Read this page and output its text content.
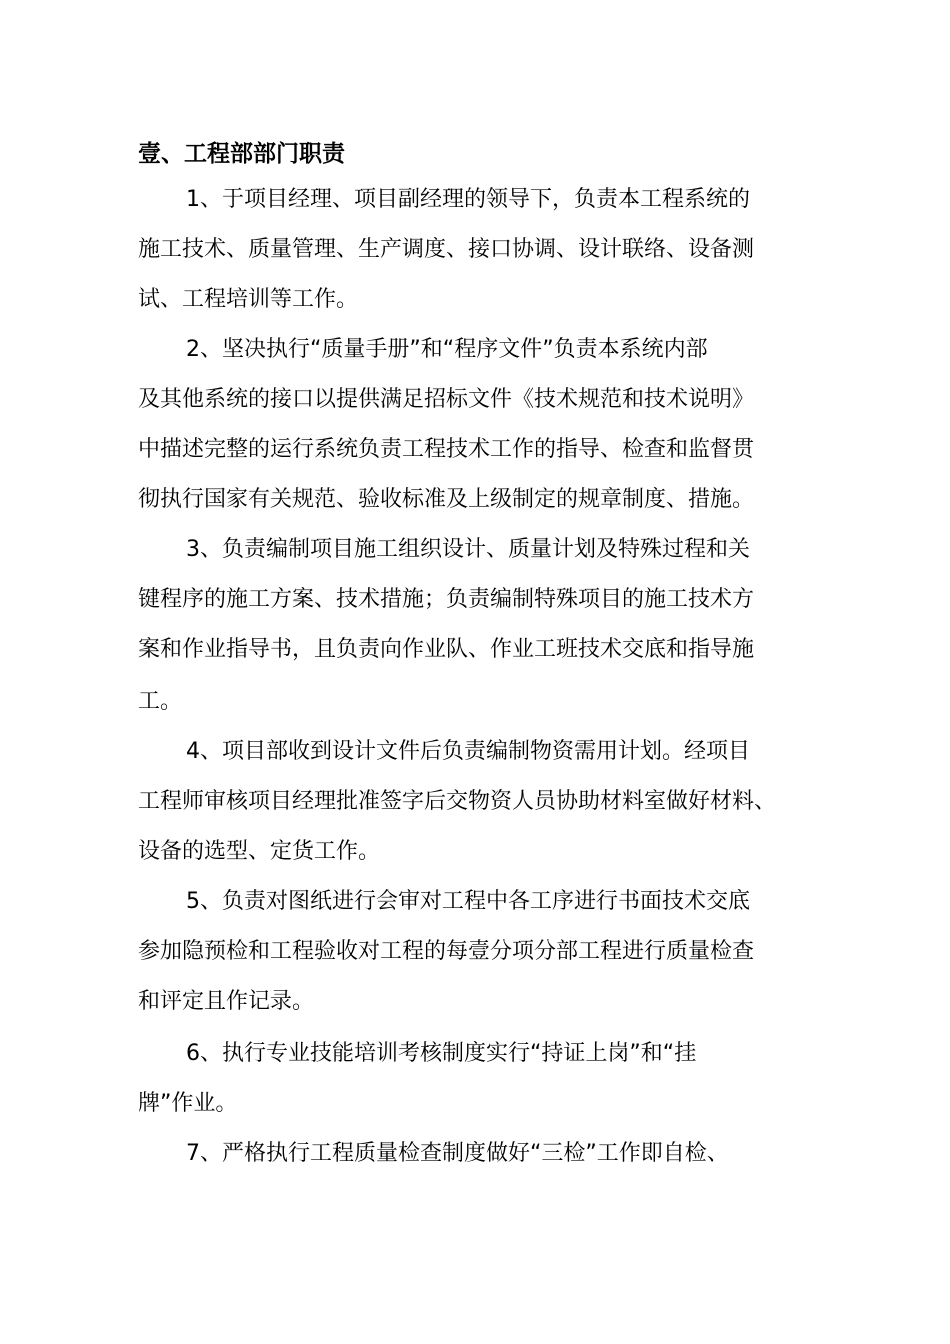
壹、工程部部门职责

1、于项目经理、项目副经理的领导下，负责本工程系统的

施工技术、质量管理、生产调度、接口协调、设计联络、设备测

试、工程培训等工作。

2、坚决执行“质量手册”和“程序文件”负责本系统内部

及其他系统的接口以提供满足招标文件《技术规范和技术说明》

中描述完整的运行系统负责工程技术工作的指导、检查和监督贯

彻执行国家有关规范、验收标准及上级制定的规章制度、措施。

3、负责编制项目施工组织设计、质量计划及特殊过程和关

键程序的施工方案、技术措施；负责编制特殊项目的施工技术方

案和作业指导书，且负责向作业队、作业工班技术交底和指导施

工。

4、项目部收到设计文件后负责编制物资需用计划。经项目

工程师审核项目经理批准签字后交物资人员协助材料室做好材料、

设备的选型、定货工作。

5、负责对图纸进行会审对工程中各工序进行书面技术交底

参加隐预检和工程验收对工程的每壹分项分部工程进行质量检查

和评定且作记录。

6、执行专业技能培训考核制度实行“持证上岗”和“挂

牌”作业。

7、严格执行工程质量检查制度做好“三检”工作即自检、
